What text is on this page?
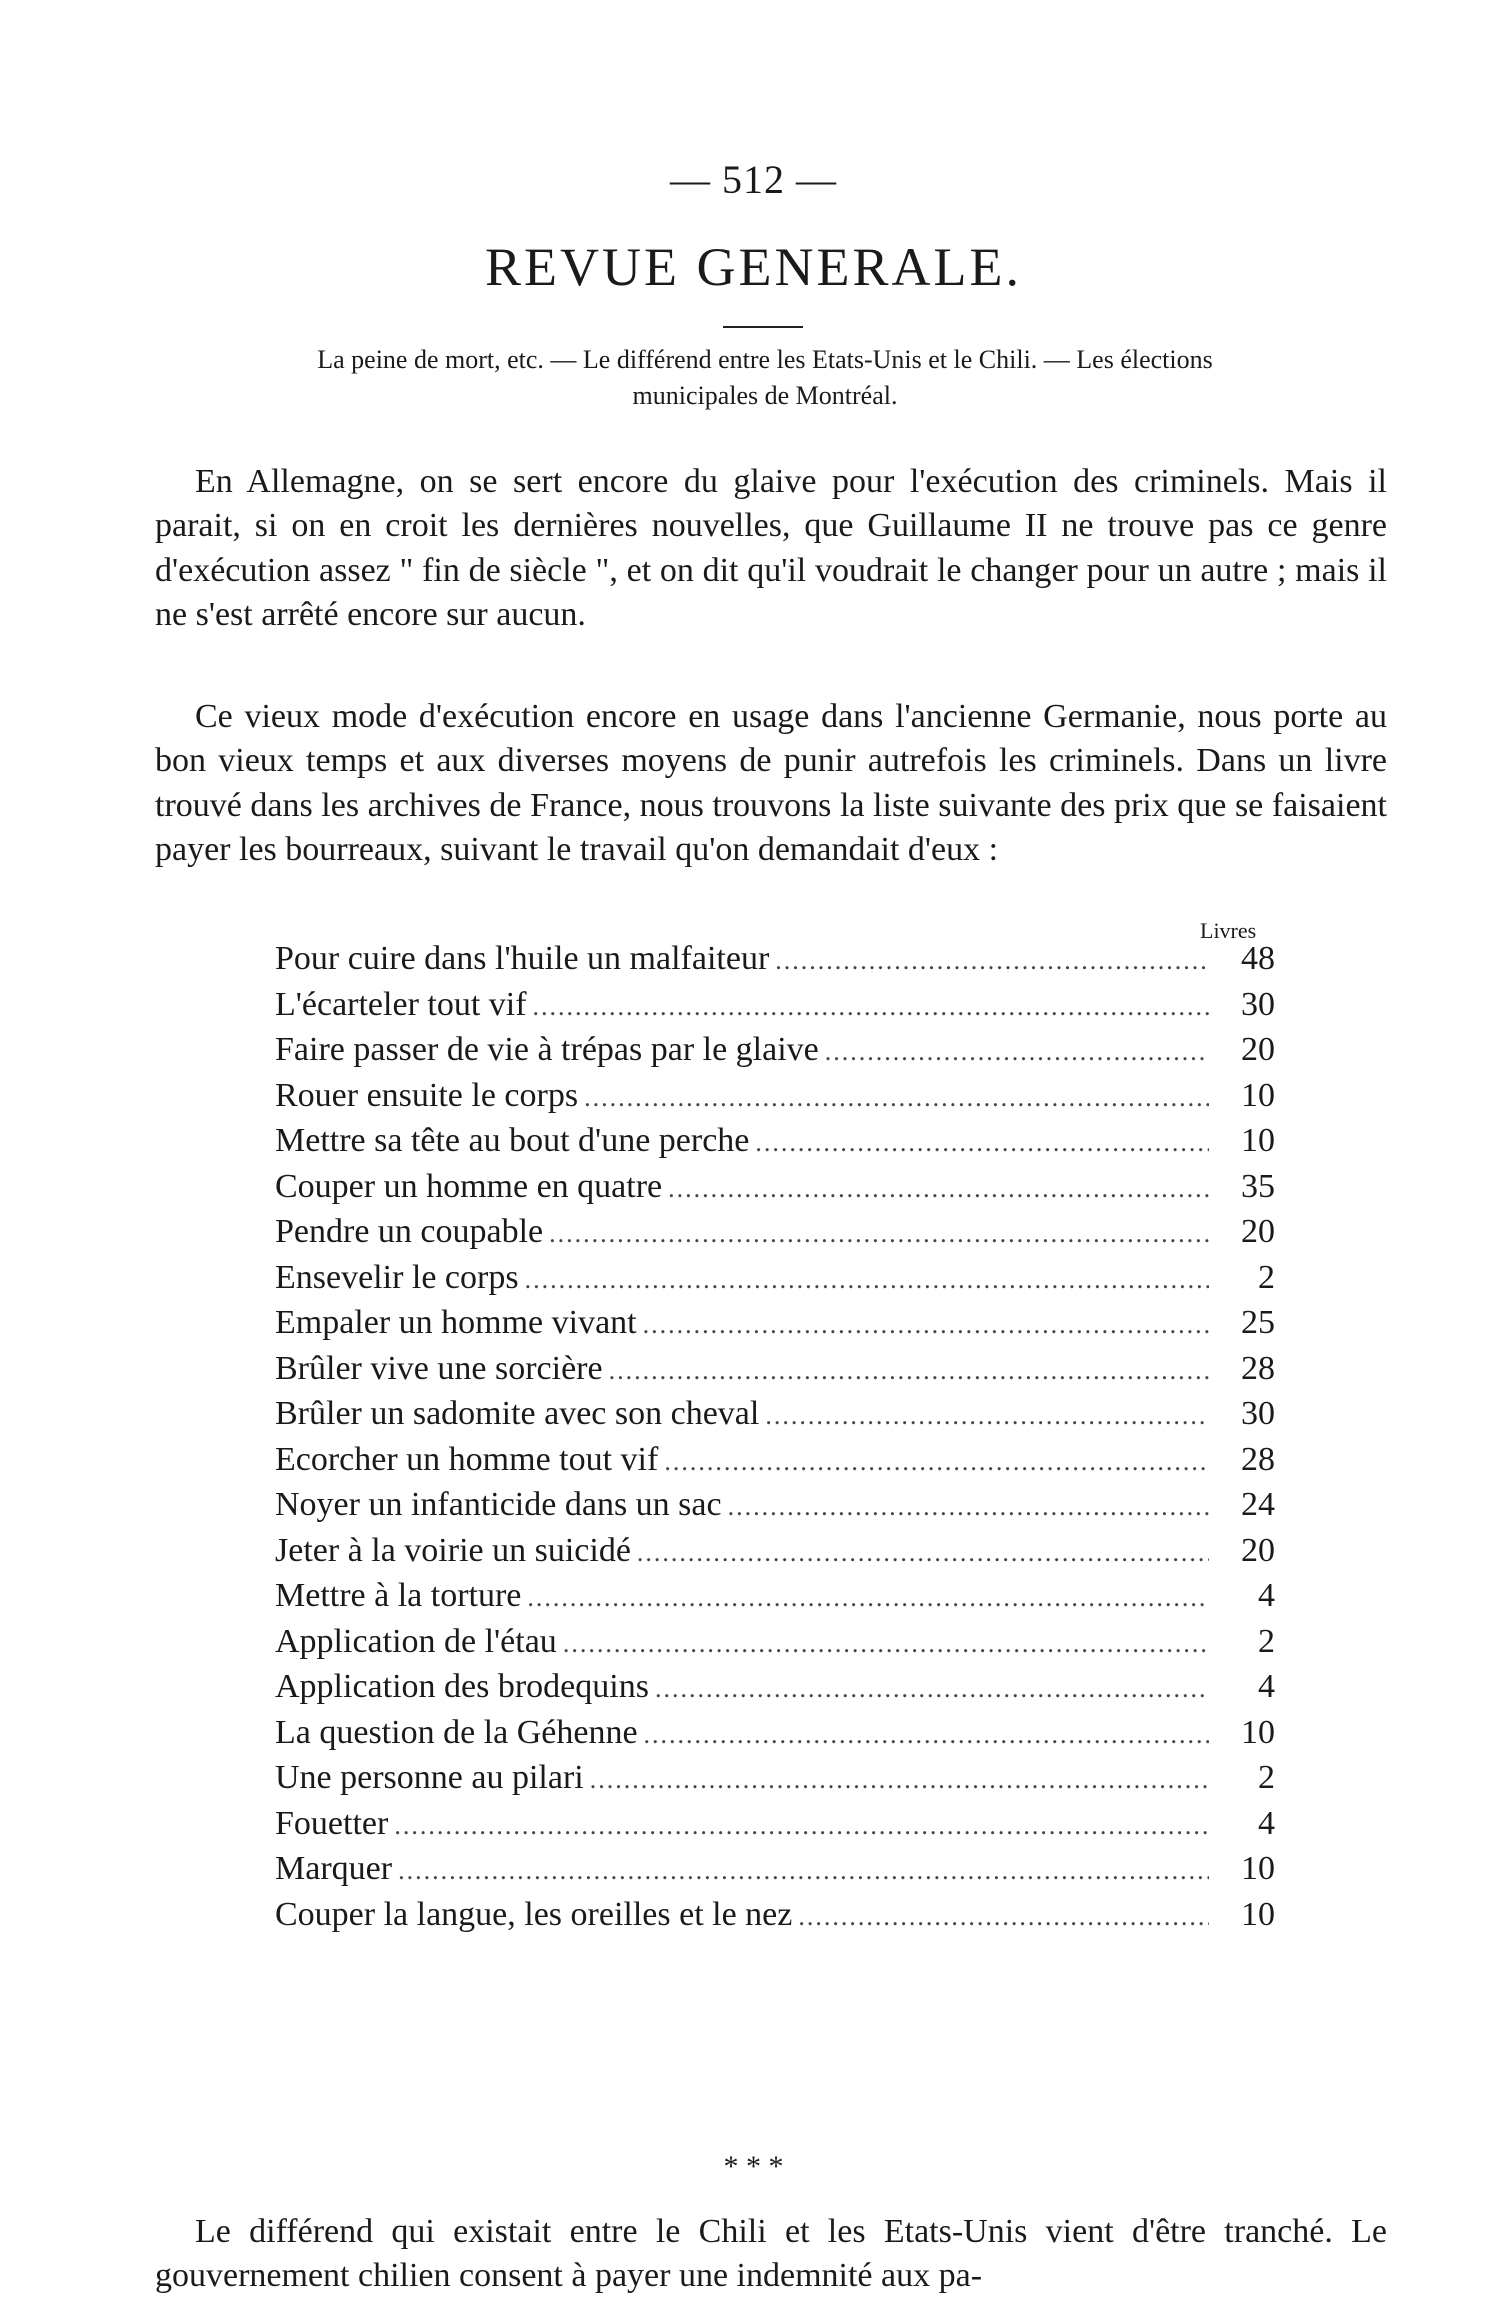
— 512 —
REVUE GENERALE.
La peine de mort, etc. — Le différend entre les Etats-Unis et le Chili. — Les élections municipales de Montréal.

En Allemagne, on se sert encore du glaive pour l'exécution des criminels. Mais il parait, si on en croit les dernières nouvelles, que Guillaume II ne trouve pas ce genre d'exécution assez " fin de siècle ", et on dit qu'il voudrait le changer pour un autre ; mais il ne s'est arrêté encore sur aucun.

Ce vieux mode d'exécution encore en usage dans l'ancienne Germanie, nous porte au bon vieux temps et aux diverses moyens de punir autrefois les criminels. Dans un livre trouvé dans les archives de France, nous trouvons la liste suivante des prix que se faisaient payer les bourreaux, suivant le travail qu'on demandait d'eux :

Livres
Pour cuire dans l'huile un malfaiteur .....	48
L'écarteler tout vif .....	30
Faire passer de vie à trépas par le glaive .....	20
Rouer ensuite le corps .....	10
Mettre sa tête au bout d'une perche .....	10
Couper un homme en quatre .....	35
Pendre un coupable .....	20
Ensevelir le corps .....	2
Empaler un homme vivant .....	25
Brûler vive une sorcière .....	28
Brûler un sadomite avec son cheval .....	30
Ecorcher un homme tout vif .....	28
Noyer un infanticide dans un sac .....	24
Jeter à la voirie un suicidé .....	20
Mettre à la torture .....	4
Application de l'étau .....	2
Application des brodequins .....	4
La question de la Géhenne .....	10
Une personne au pilari .....	2
Fouetter .....	4
Marquer .....	10
Couper la langue, les oreilles et le nez .....	10
* * *

Le différend qui existait entre le Chili et les Etats-Unis vient d'être tranché. Le gouvernement chilien consent à payer une indemnité aux pa-
